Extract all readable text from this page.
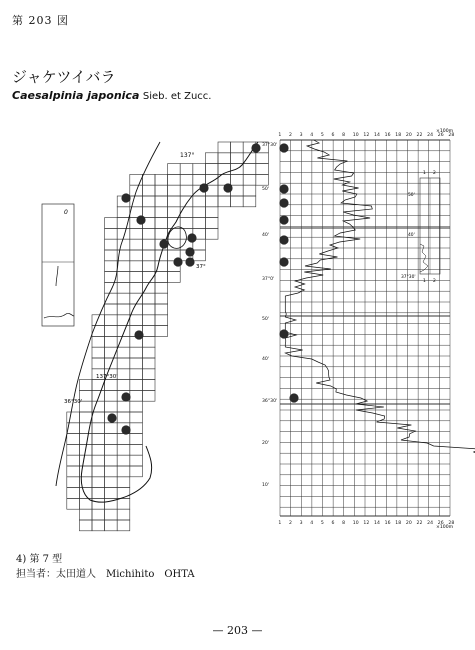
第 203 図
ジャケツイバラ
Caesalpinia japonica Sieb. et Zucc.
137°
137°30'
37°
36°30'
0
1 2 3 4 5 6 8 10 12 14 16 18 20 22 24 26 28
1 2 3 4 5 6 8 10 12 14 16 18 20 22 24 26 28
37°30'
50'
40'
37°0'
50'
40'
36°30'
20'
10'
×100m
×100m
1 2
1 2
50'
40'
37°30'
4) 第 7 型
担当者：太田道人　Michihito　OHTA
— 203 —
